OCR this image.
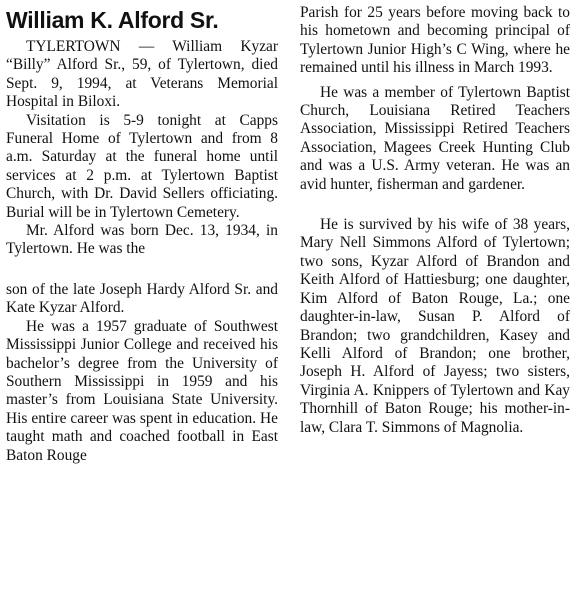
William K. Alford Sr.

TYLERTOWN — William Kyzar “Billy” Alford Sr., 59, of Tylertown, died Sept. 9, 1994, at Veterans Memorial Hospital in Biloxi.

Visitation is 5-9 tonight at Capps Funeral Home of Tylertown and from 8 a.m. Saturday at the funeral home until services at 2 p.m. at Tylertown Baptist Church, with Dr. David Sellers officiating. Burial will be in Tylertown Cemetery.

Mr. Alford was born Dec. 13, 1934, in Tylertown. He was the

son of the late Joseph Hardy Alford Sr. and Kate Kyzar Alford.

He was a 1957 graduate of Southwest Mississippi Junior College and received his bachelor’s degree from the University of Southern Mississippi in 1959 and his master’s from Louisiana State University. His entire career was spent in education. He taught math and coached football in East Baton Rouge

Parish for 25 years before moving back to his hometown and becoming principal of Tylertown Junior High’s C Wing, where he remained until his illness in March 1993.

He was a member of Tylertown Baptist Church, Louisiana Retired Teachers Association, Mississippi Retired Teachers Association, Magees Creek Hunting Club and was a U.S. Army veteran. He was an avid hunter, fisherman and gardener.

He is survived by his wife of 38 years, Mary Nell Simmons Alford of Tylertown; two sons, Kyzar Alford of Brandon and Keith Alford of Hattiesburg; one daughter, Kim Alford of Baton Rouge, La.; one daughter-in-law, Susan P. Alford of Brandon; two grandchildren, Kasey and Kelli Alford of Brandon; one brother, Joseph H. Alford of Jayess; two sisters, Virginia A. Knippers of Tylertown and Kay Thornhill of Baton Rouge; his mother-in-law, Clara T. Simmons of Magnolia.
